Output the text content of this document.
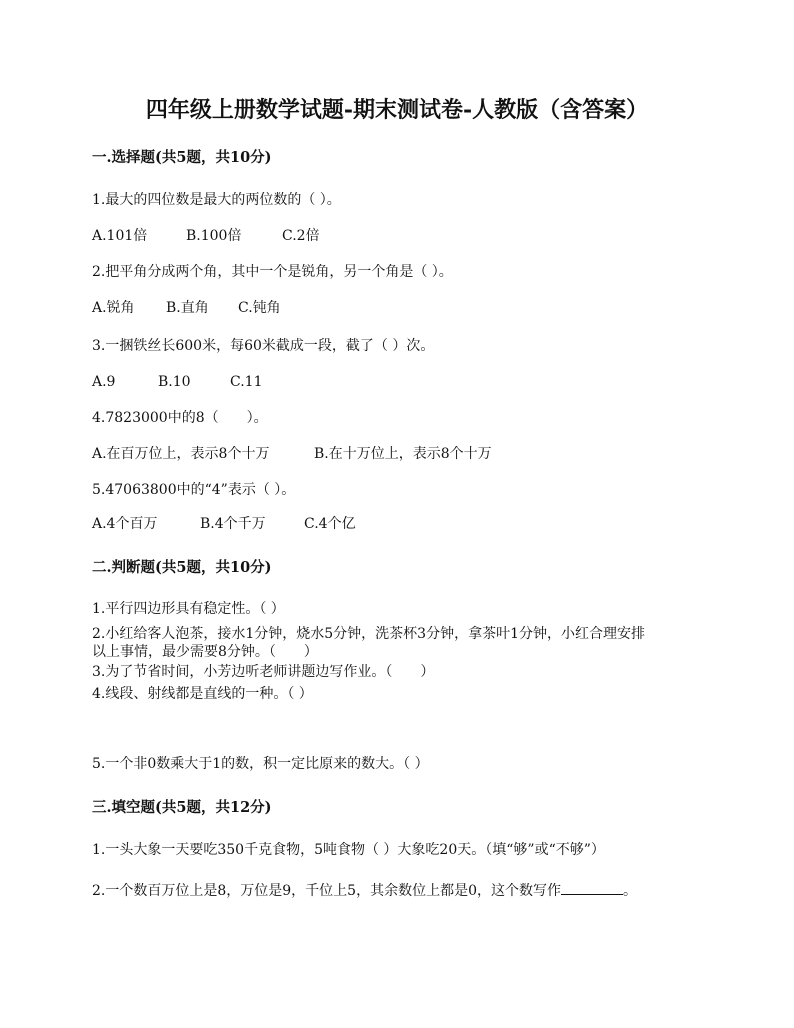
四年级上册数学试题-期末测试卷-人教版（含答案）
一.选择题(共5题，共10分)
1.最大的四位数是最大的两位数的（ ）。
A.101倍	B.100倍	C.2倍
2.把平角分成两个角，其中一个是锐角，另一个角是（ ）。
A.锐角 B.直角 C.钝角
3.一捆铁丝长600米，每60米截成一段，截了（ ）次。
A.9	B.10	C.11
4.7823000中的8（　　）。
A.在百万位上，表示8个十万	B.在十万位上，表示8个十万
5.47063800中的“4”表示（ ）。
A.4个百万	B.4个千万	C.4个亿
二.判断题(共5题，共10分)
1.平行四边形具有稳定性。（ ）
2.小红给客人泡茶，接水1分钟，烧水5分钟，洗茶杯3分钟，拿茶叶1分钟，小红合理安排
以上事情，最少需要8分钟。（　　）
3.为了节省时间，小芳边听老师讲题边写作业。（　　）
4.线段、射线都是直线的一种。（ ）
5.一个非0数乘大于1的数，积一定比原来的数大。（ ）
三.填空题(共5题，共12分)
1.一头大象一天要吃350千克食物，5吨食物（ ）大象吃20天。（填“够”或“不够”）
2.一个数百万位上是8，万位是9，千位上5，其余数位上都是0，这个数写作	。
